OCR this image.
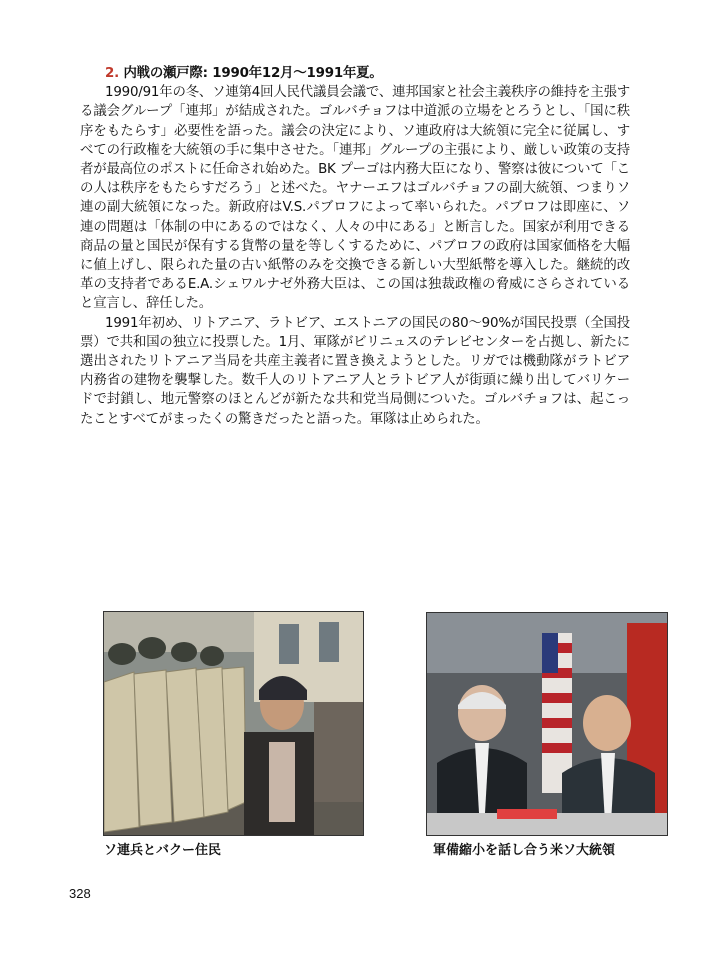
2. 内戦の瀬戸際: 1990年12月～1991年夏。

1990/91年の冬、ソ連第4回人民代議員会議で、連邦国家と社会主義秩序の維持を主張する議会グループ「連邦」が結成された。ゴルバチョフは中道派の立場をとろうとし、「国に秩序をもたらす」必要性を語った。議会の決定により、ソ連政府は大統領に完全に従属し、すべての行政権を大統領の手に集中させた。「連邦」グループの主張により、厳しい政策の支持者が最高位のポストに任命され始めた。BK プーゴは内務大臣になり、警察は彼について「この人は秩序をもたらすだろう」と述べた。ヤナーエフはゴルバチョフの副大統領、つまりソ連の副大統領になった。新政府はV.S.パブロフによって率いられた。パブロフは即座に、ソ連の問題は「体制の中にあるのではなく、人々の中にある」と断言した。国家が利用できる商品の量と国民が保有する貨幣の量を等しくするために、パブロフの政府は国家価格を大幅に値上げし、限られた量の古い紙幣のみを交換できる新しい大型紙幣を導入した。継続的改革の支持者であるE.A.シェワルナゼ外務大臣は、この国は独裁政権の脅威にさらされていると宣言し、辞任した。

1991年初め、リトアニア、ラトビア、エストニアの国民の80～90%が国民投票（全国投票）で共和国の独立に投票した。1月、軍隊がビリニュスのテレビセンターを占拠し、新たに選出されたリトアニア当局を共産主義者に置き換えようとした。リガでは機動隊がラトビア内務省の建物を襲撃した。数千人のリトアニア人とラトビア人が街頭に繰り出してバリケードで封鎖し、地元警察のほとんどが新たな共和党当局側についた。ゴルバチョフは、起こったことすべてがまったくの驚きだったと語った。軍隊は止められた。

ソ連兵とバクー住民	軍備縮小を話し合う米ソ大統領
328
